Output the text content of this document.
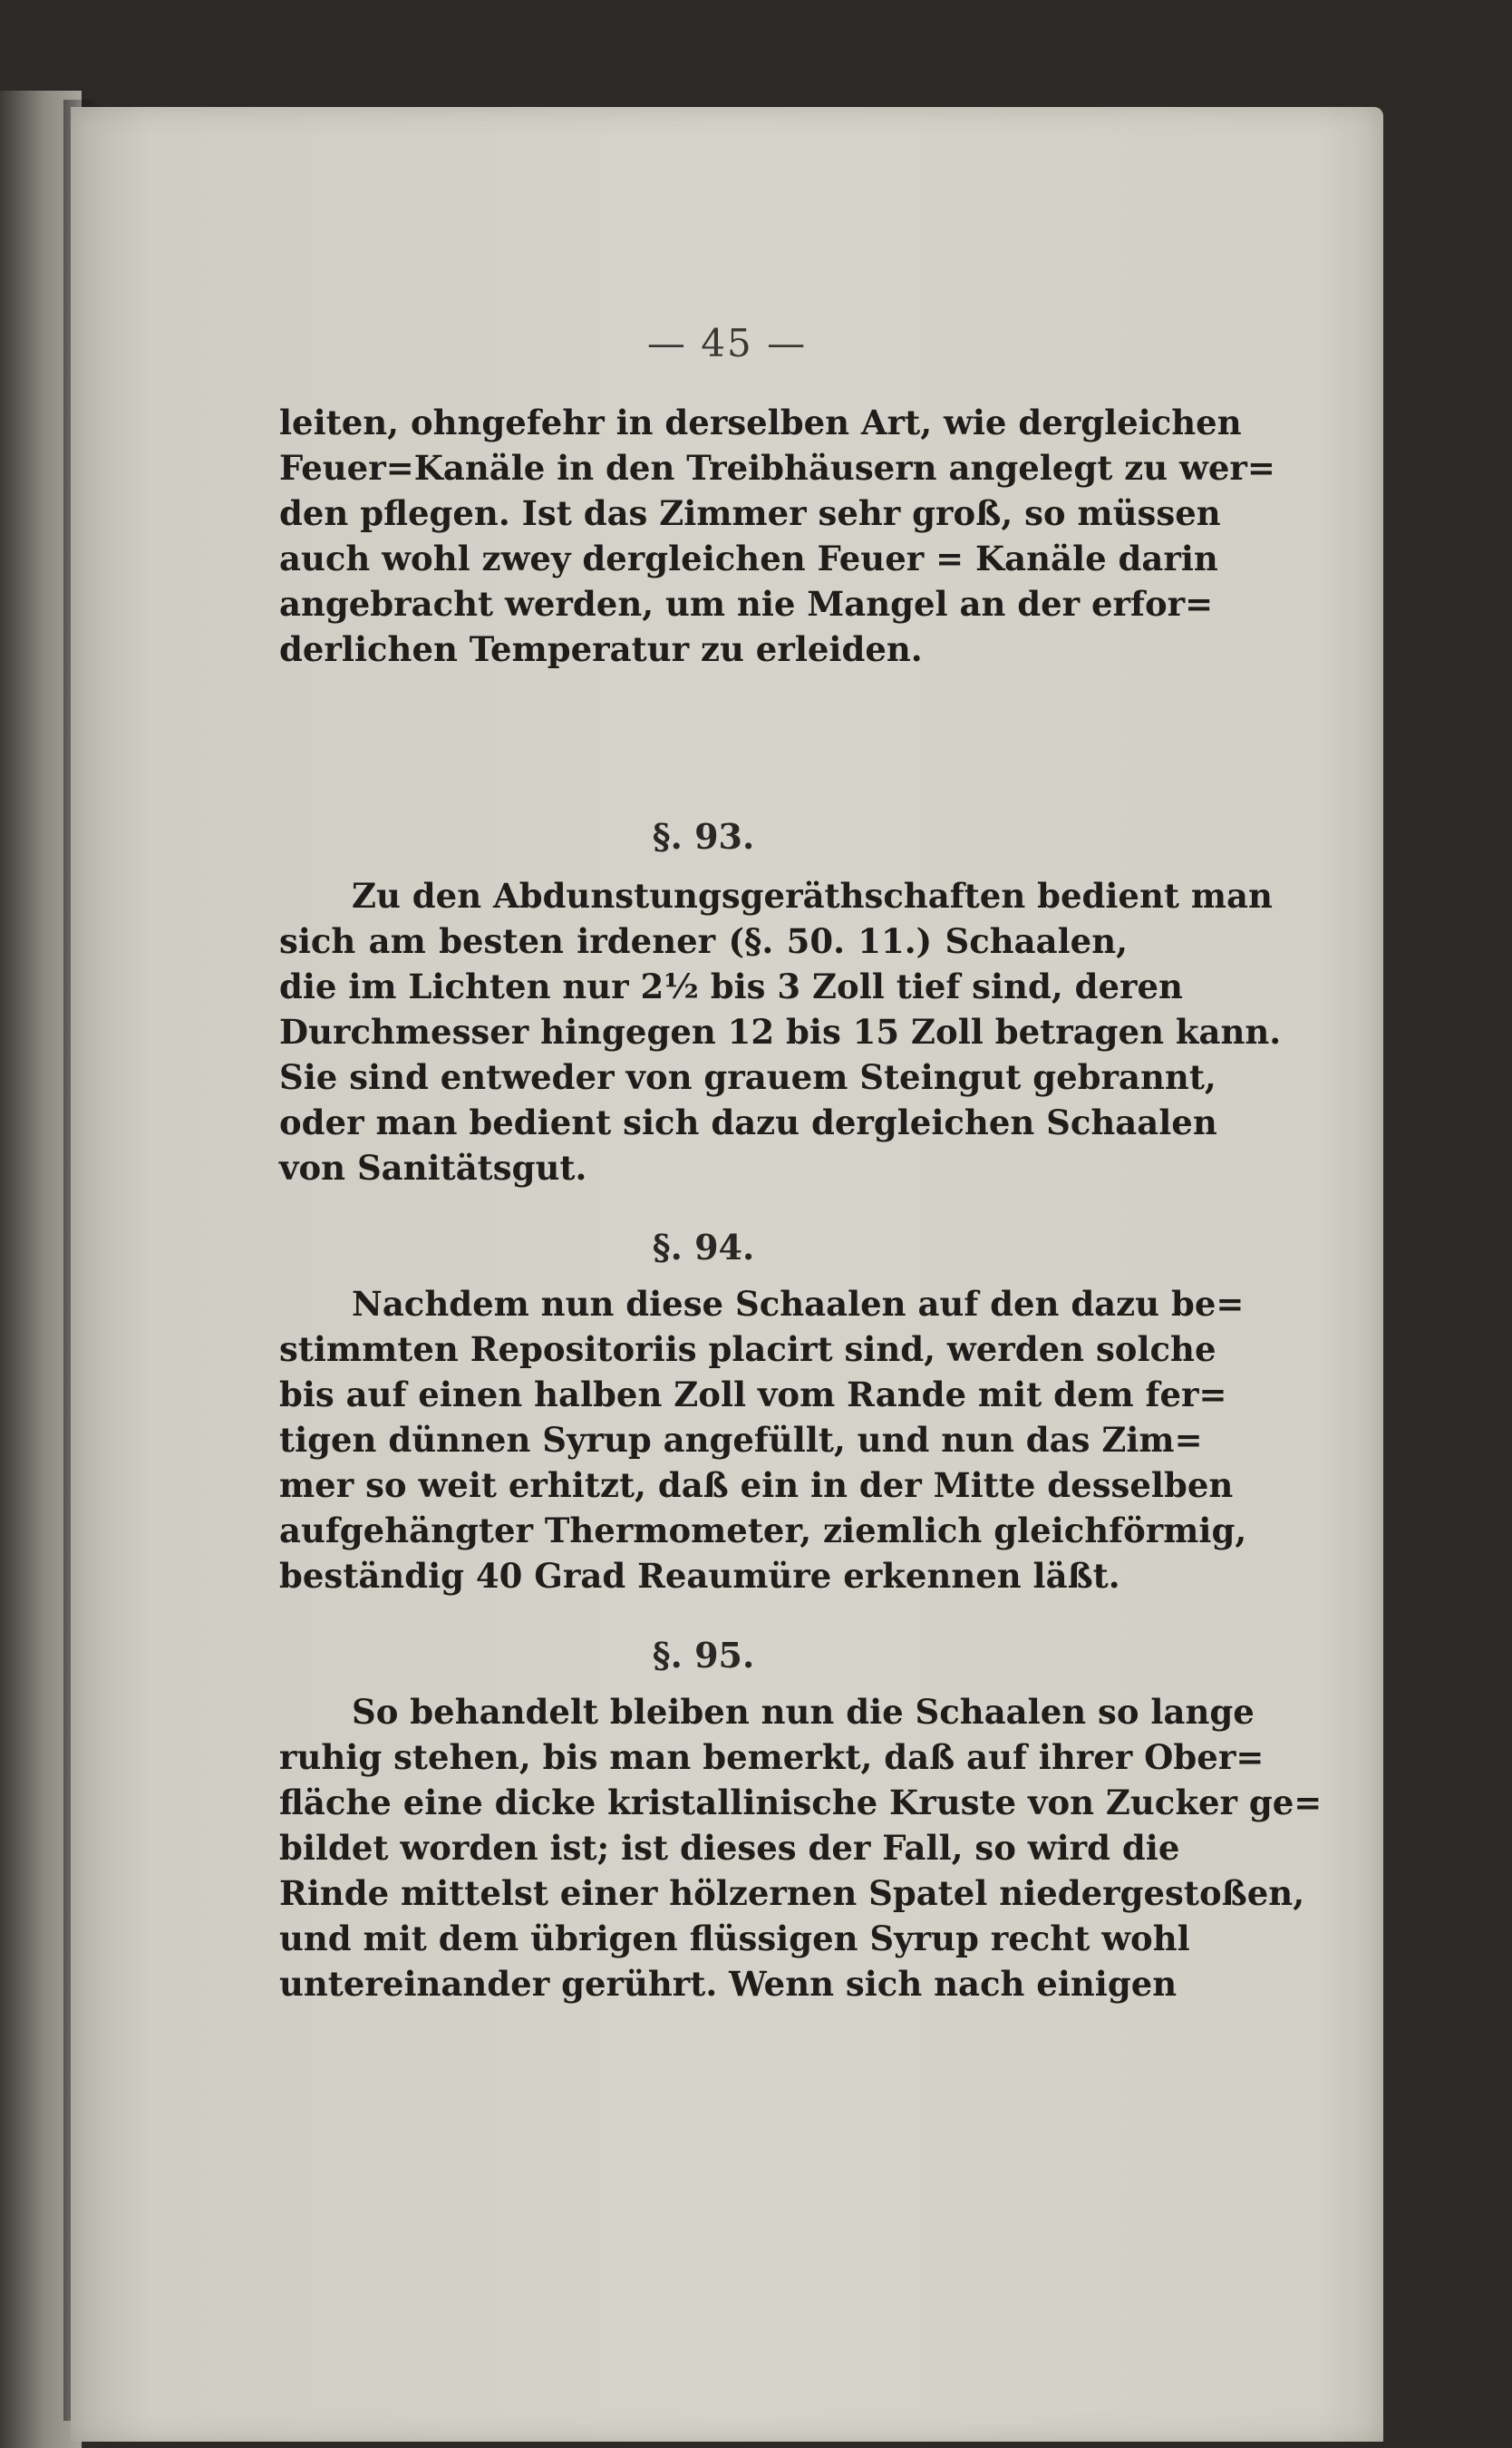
— 45 —
leiten, ohngefehr in derselben Art, wie dergleichen
Feuer=Kanäle in den Treibhäusern angelegt zu wer=
den pflegen. Ist das Zimmer sehr groß, so müssen
auch wohl zwey dergleichen Feuer = Kanäle darin
angebracht werden, um nie Mangel an der erfor=
derlichen Temperatur zu erleiden.
§. 93.
Zu den Abdunstungsgeräthschaften bedient man
sich am besten irdener (§. 50. 11.) Schaalen,
die im Lichten nur 2½ bis 3 Zoll tief sind, deren
Durchmesser hingegen 12 bis 15 Zoll betragen kann.
Sie sind entweder von grauem Steingut gebrannt,
oder man bedient sich dazu dergleichen Schaalen
von Sanitätsgut.
§. 94.
Nachdem nun diese Schaalen auf den dazu be=
stimmten Repositoriis placirt sind, werden solche
bis auf einen halben Zoll vom Rande mit dem fer=
tigen dünnen Syrup angefüllt, und nun das Zim=
mer so weit erhitzt, daß ein in der Mitte desselben
aufgehängter Thermometer, ziemlich gleichförmig,
beständig 40 Grad Reaumüre erkennen läßt.
§. 95.
So behandelt bleiben nun die Schaalen so lange
ruhig stehen, bis man bemerkt, daß auf ihrer Ober=
fläche eine dicke kristallinische Kruste von Zucker ge=
bildet worden ist; ist dieses der Fall, so wird die
Rinde mittelst einer hölzernen Spatel niedergestoßen,
und mit dem übrigen flüssigen Syrup recht wohl
untereinander gerührt. Wenn sich nach einigen
